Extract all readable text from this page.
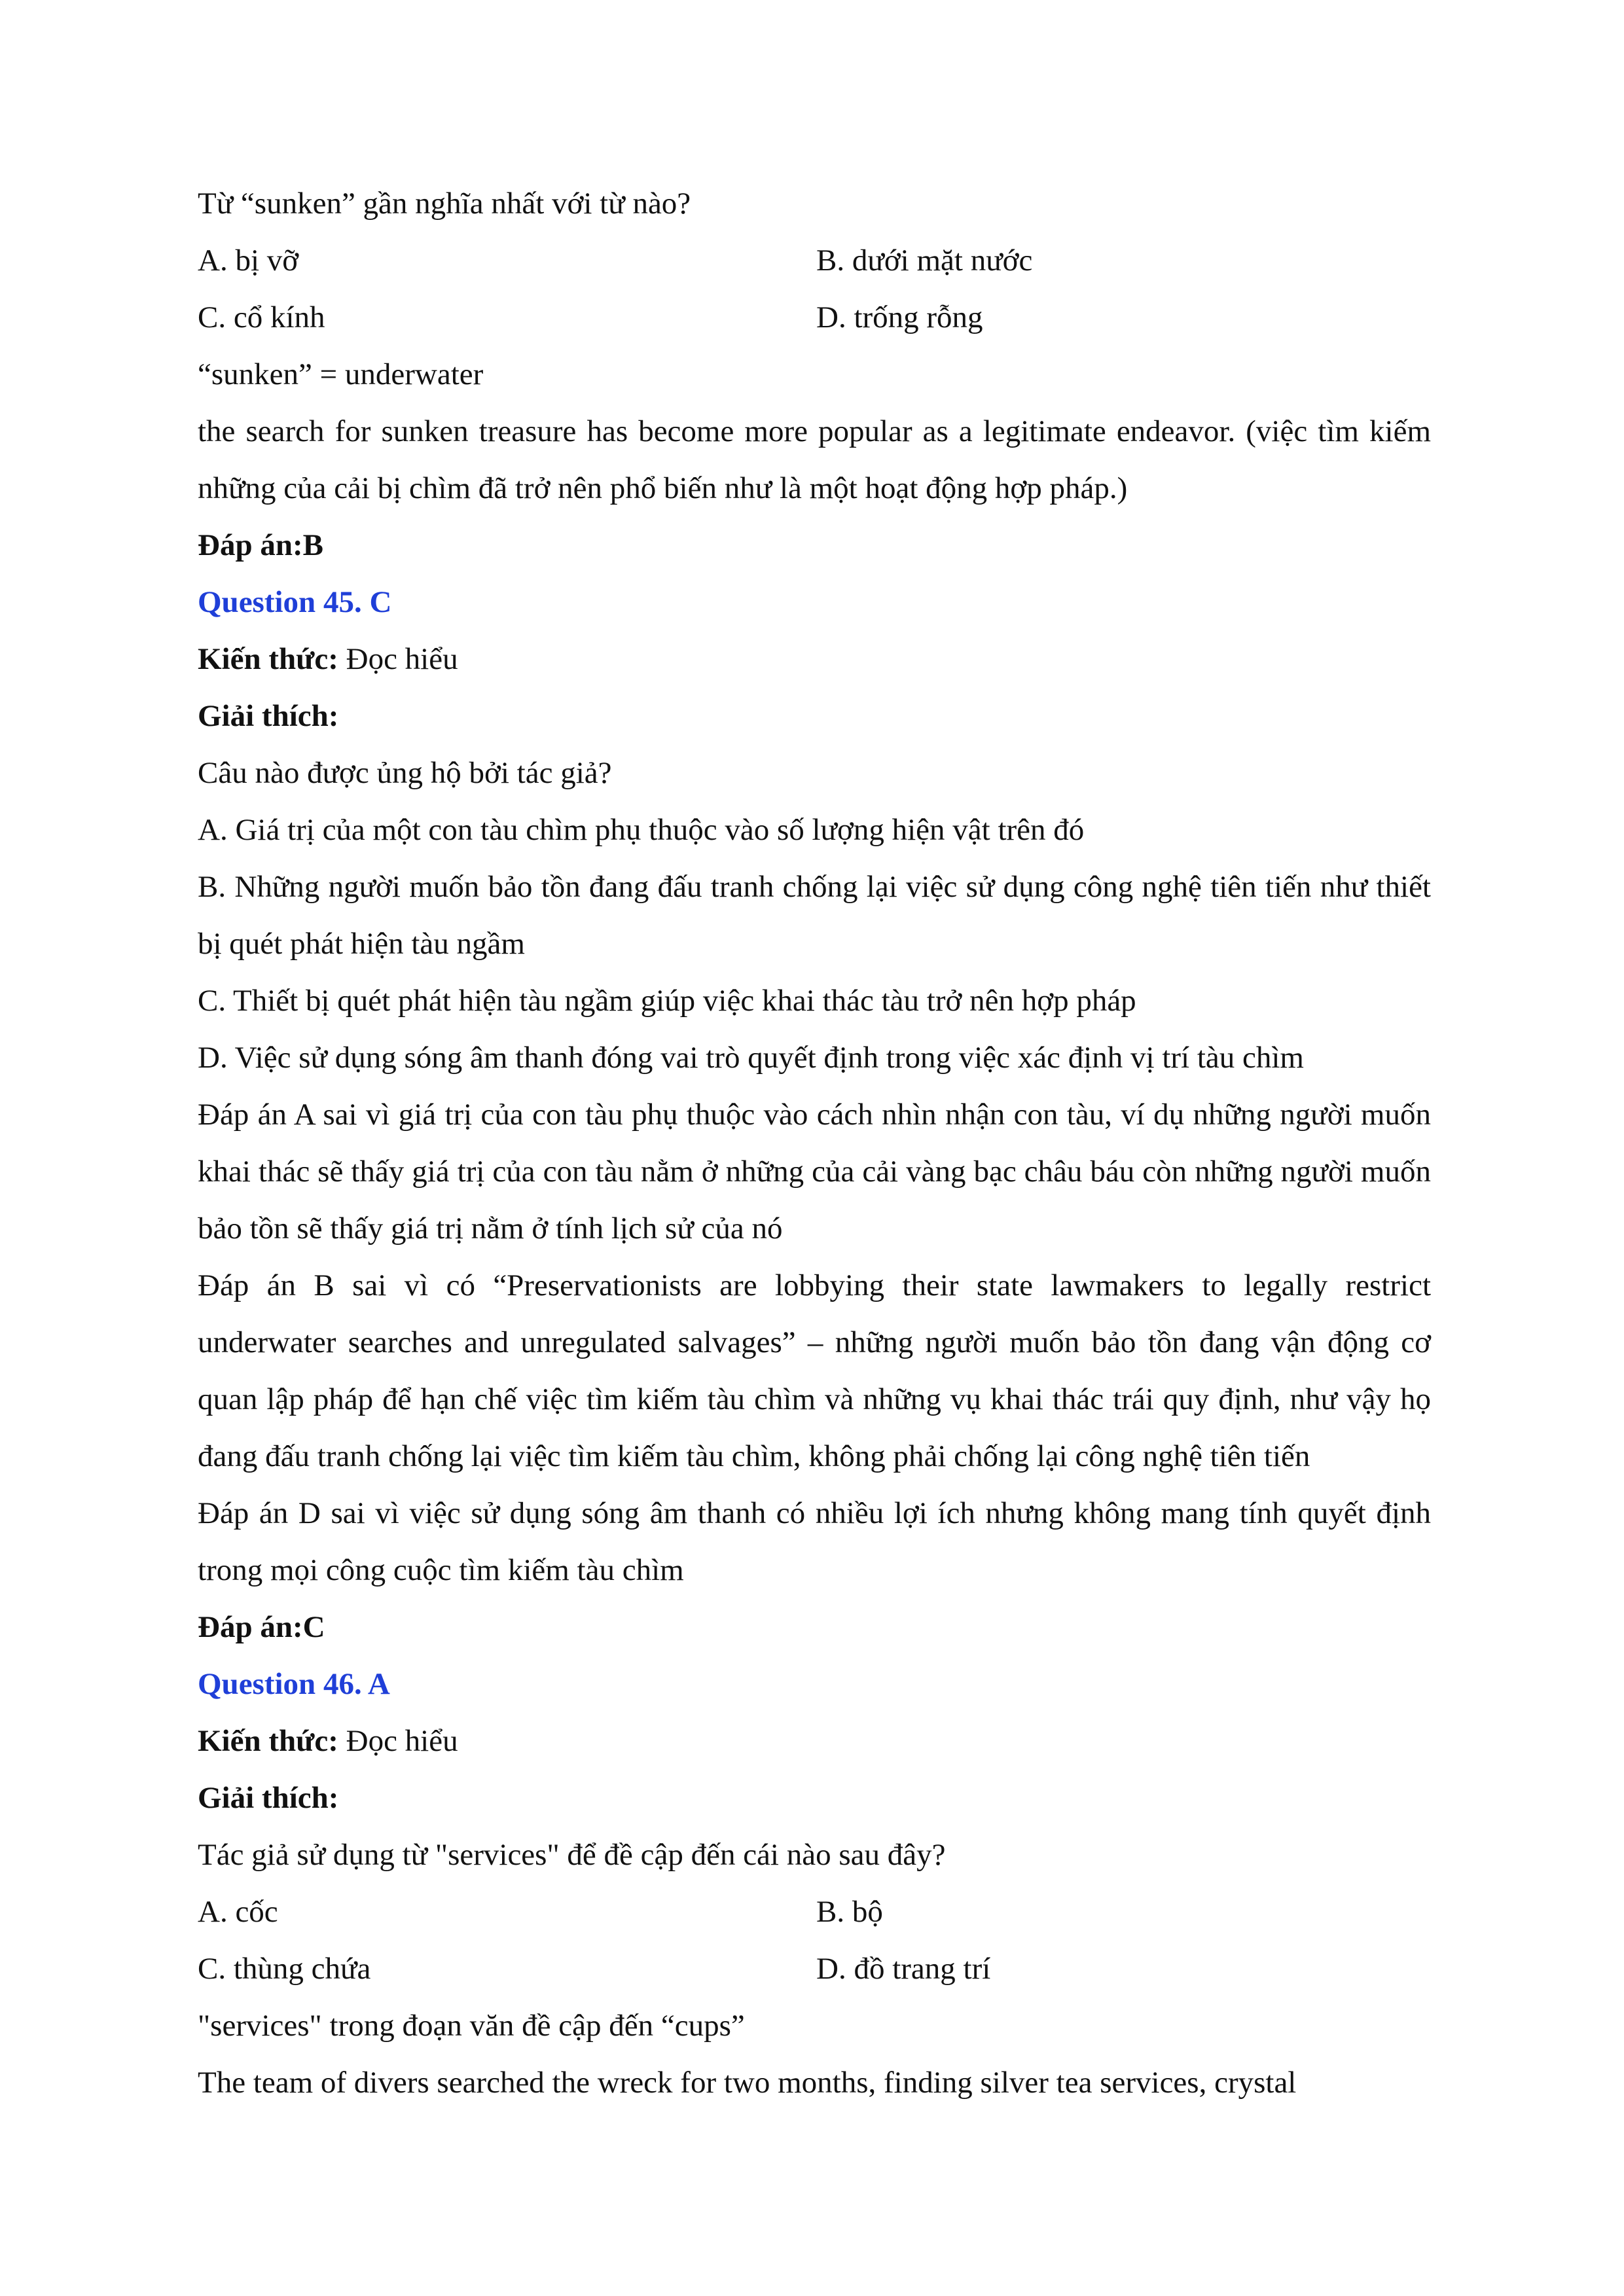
Từ “sunken” gần nghĩa nhất với từ nào?
A. bị vỡ	B. dưới mặt nước
C. cổ kính	D. trống rỗng
“sunken” = underwater
the search for sunken treasure has become more popular as a legitimate endeavor. (việc tìm kiếm những của cải bị chìm đã trở nên phổ biến như là một hoạt động hợp pháp.)
Đáp án:B
Question 45. C
Kiến thức: Đọc hiểu
Giải thích:
Câu nào được ủng hộ bởi tác giả?
A. Giá trị của một con tàu chìm phụ thuộc vào số lượng hiện vật trên đó
B. Những người muốn bảo tồn đang đấu tranh chống lại việc sử dụng công nghệ tiên tiến như thiết bị quét phát hiện tàu ngầm
C. Thiết bị quét phát hiện tàu ngầm giúp việc khai thác tàu trở nên hợp pháp
D. Việc sử dụng sóng âm thanh đóng vai trò quyết định trong việc xác định vị trí tàu chìm
Đáp án A sai vì giá trị của con tàu phụ thuộc vào cách nhìn nhận con tàu, ví dụ những người muốn khai thác sẽ thấy giá trị của con tàu nằm ở những của cải vàng bạc châu báu còn những người muốn bảo tồn sẽ thấy giá trị nằm ở tính lịch sử của nó
Đáp án B sai vì có “Preservationists are lobbying their state lawmakers to legally restrict underwater searches and unregulated salvages” – những người muốn bảo tồn đang vận động cơ quan lập pháp để hạn chế việc tìm kiếm tàu chìm và những vụ khai thác trái quy định, như vậy họ đang đấu tranh chống lại việc tìm kiếm tàu chìm, không phải chống lại công nghệ tiên tiến
Đáp án D sai vì việc sử dụng sóng âm thanh có nhiều lợi ích nhưng không mang tính quyết định trong mọi công cuộc tìm kiếm tàu chìm
Đáp án:C
Question 46. A
Kiến thức: Đọc hiểu
Giải thích:
Tác giả sử dụng từ "services" để đề cập đến cái nào sau đây?
A. cốc	B. bộ
C. thùng chứa	D. đồ trang trí
"services" trong đoạn văn đề cập đến “cups”
The team of divers searched the wreck for two months, finding silver tea services, crystal
